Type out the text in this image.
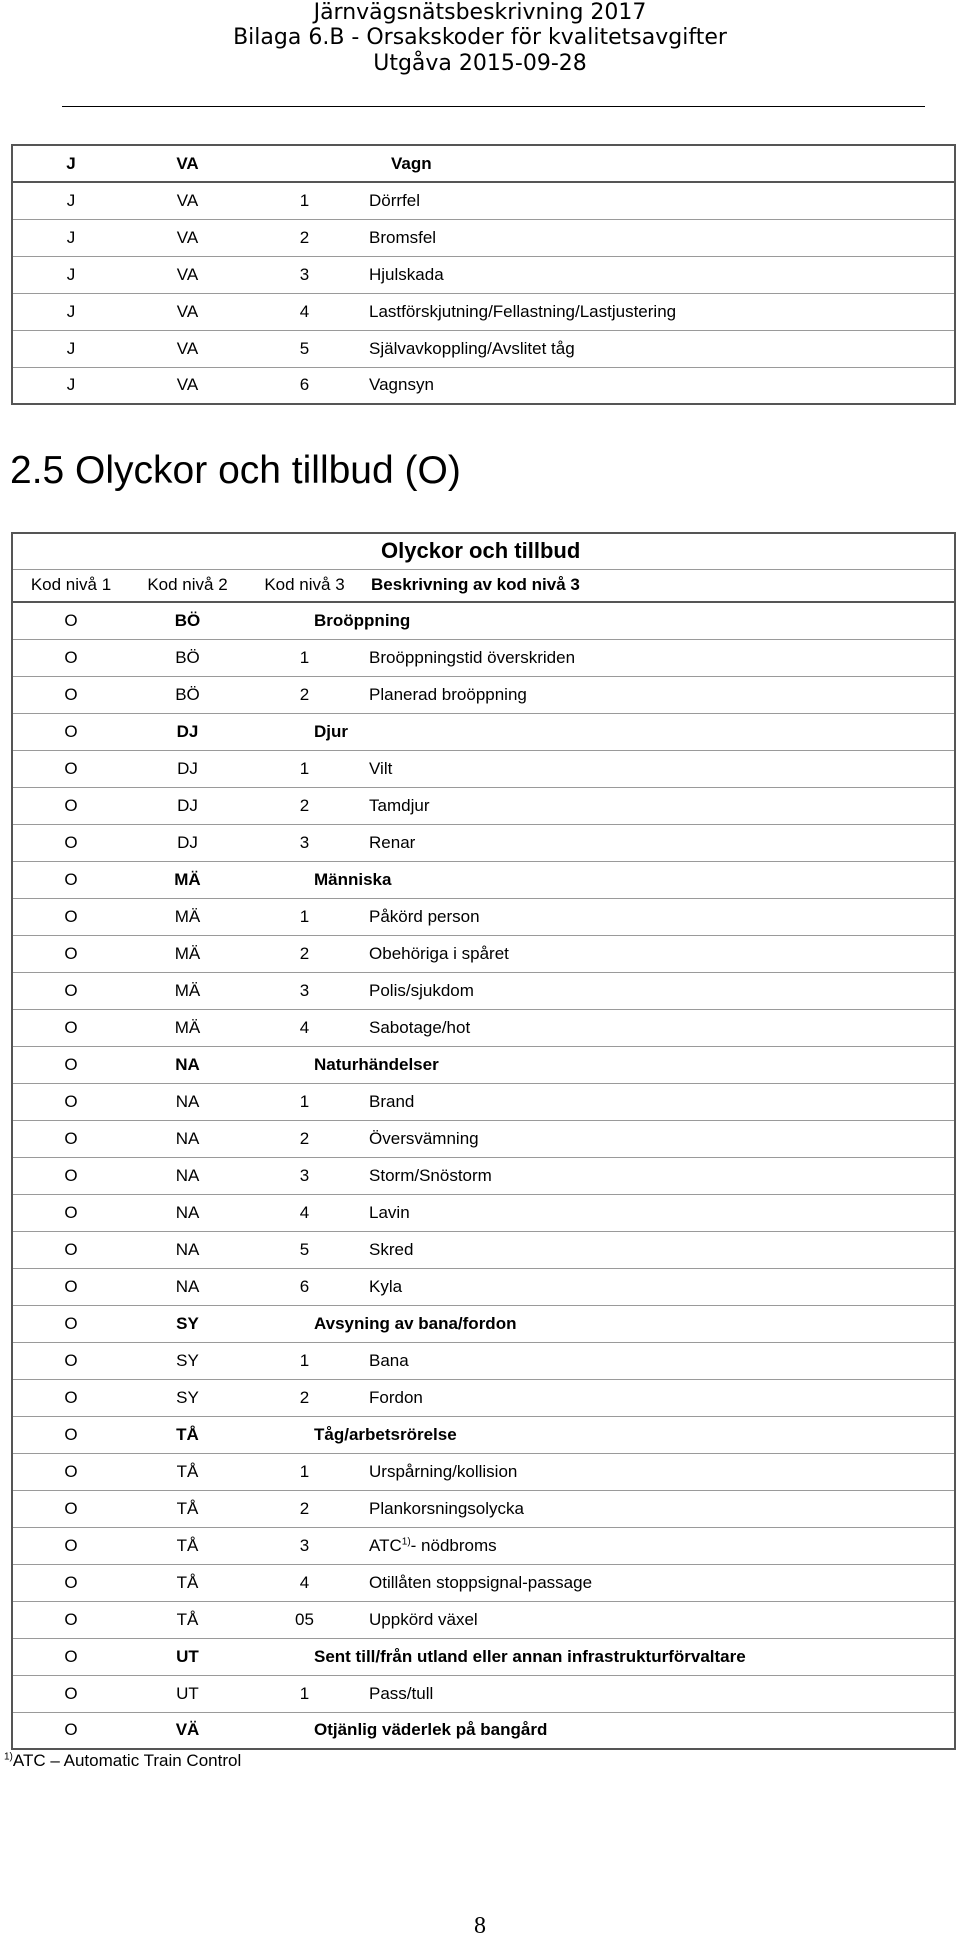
Järnvägsnätsbeskrivning 2017
Bilaga 6.B - Orsakskoder för kvalitetsavgifter
Utgåva 2015-09-28
J	VA	Vagn	
J	VA	1	Dörrfel
J	VA	2	Bromsfel
J	VA	3	Hjulskada
J	VA	4	Lastförskjutning/Fellastning/Lastjustering
J	VA	5	Självavkoppling/Avslitet tåg
J	VA	6	Vagnsyn
2.5 Olyckor och tillbud (O)
			Olyckor och tillbud
Kod nivå 1	Kod nivå 2	Kod nivå 3	Beskrivning av kod nivå 3
O	BÖ	Broöppning	
O	BÖ	1	Broöppningstid överskriden
O	BÖ	2	Planerad broöppning
O	DJ	Djur	
O	DJ	1	Vilt
O	DJ	2	Tamdjur
O	DJ	3	Renar
O	MÄ	Människa	
O	MÄ	1	Påkörd person
O	MÄ	2	Obehöriga i spåret
O	MÄ	3	Polis/sjukdom
O	MÄ	4	Sabotage/hot
O	NA	Naturhändelser	
O	NA	1	Brand
O	NA	2	Översvämning
O	NA	3	Storm/Snöstorm
O	NA	4	Lavin
O	NA	5	Skred
O	NA	6	Kyla
O	SY	Avsyning av bana/fordon	
O	SY	1	Bana
O	SY	2	Fordon
O	TÅ	Tåg/arbetsrörelse	
O	TÅ	1	Urspårning/kollision
O	TÅ	2	Plankorsningsolycka
O	TÅ	3	ATC$^{1)}$- nödbroms
O	TÅ	4	Otillåten stoppsignal-passage
O	TÅ	05	Uppkörd växel
O	UT	Sent till/från utland eller annan infrastrukturförvaltare	
O	UT	1	Pass/tull
O	VÄ	Otjänlig väderlek på bangård	
$^{1)}$ATC – Automatic Train Control
8
